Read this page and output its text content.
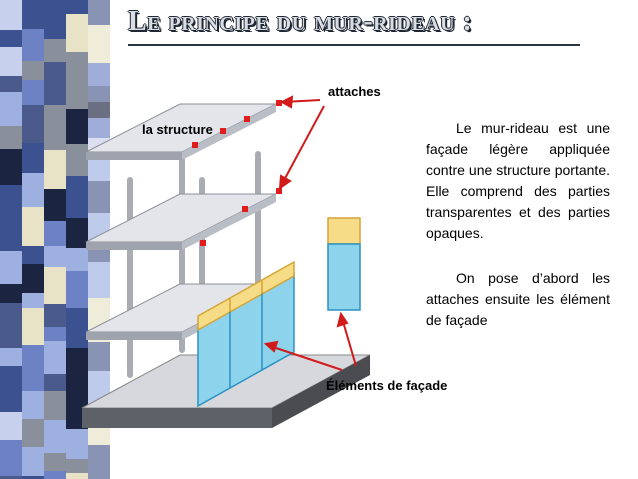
Le principe du mur-rideau :
attaches
la structure
Éléments de façade

Le mur-rideau est une façade légère appliquée contre une structure portante. Elle comprend des parties transparentes et des parties opaques.

On pose d’abord les attaches ensuite les élément de façade
